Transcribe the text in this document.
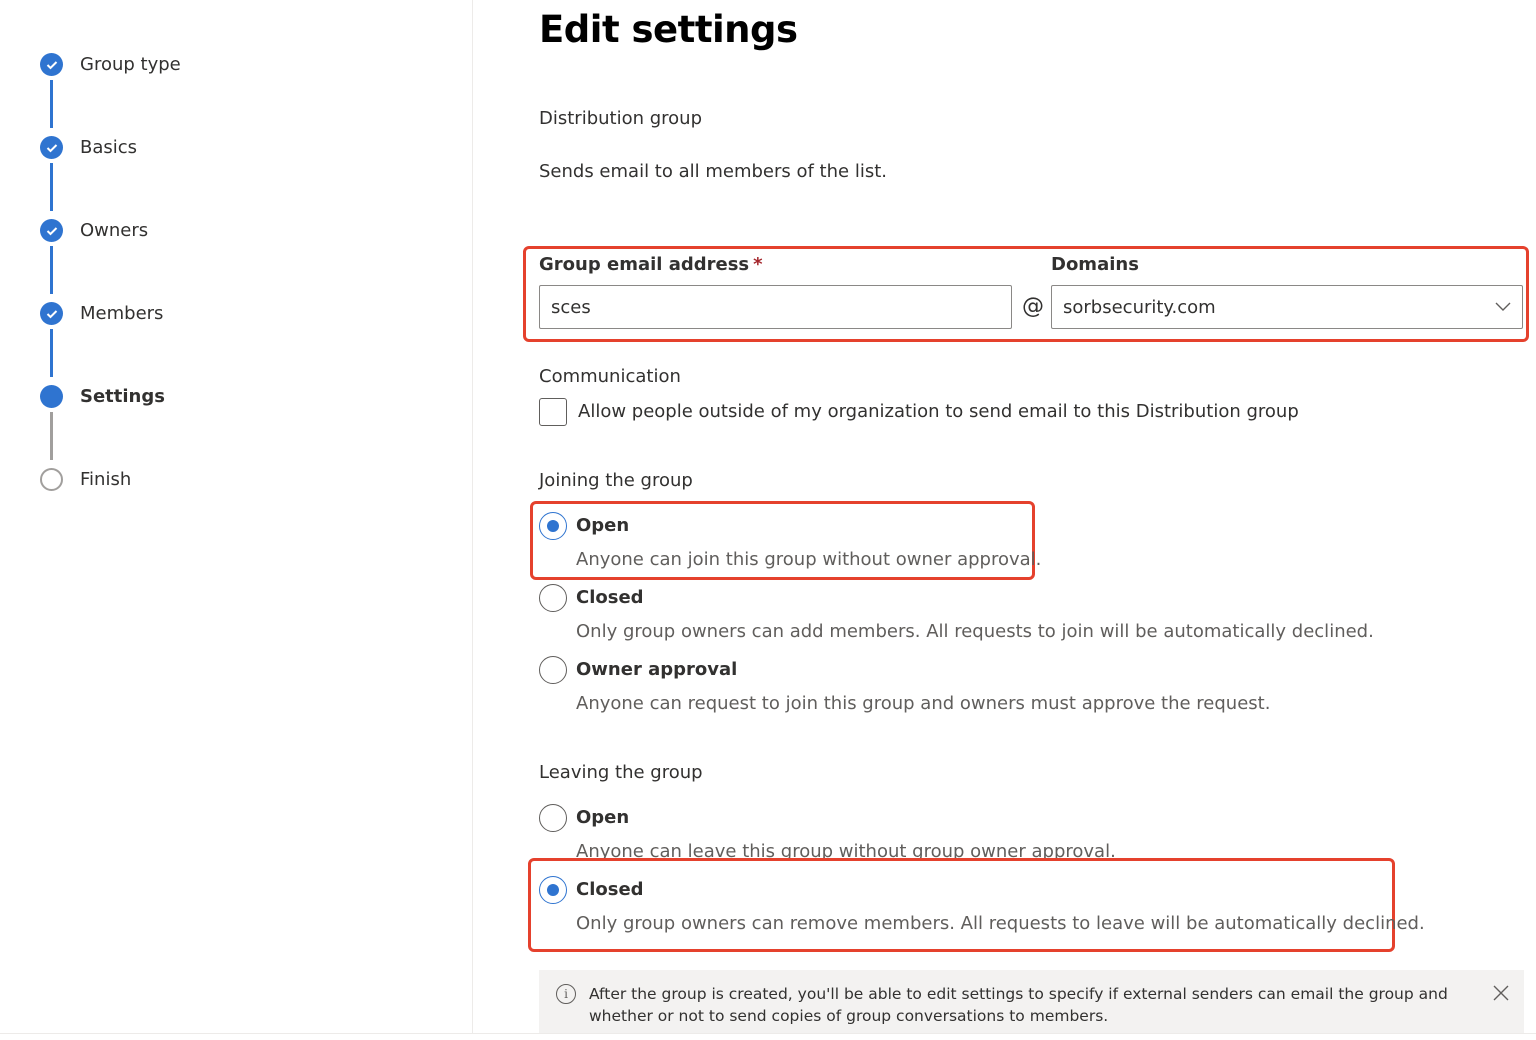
Group type
Basics
Owners
Members
Settings
Finish
Edit settings
Distribution group
Sends email to all members of the list.
Group email address *
sces	@
Domains
sorbsecurity.com
Communication
Allow people outside of my organization to send email to this Distribution group
Joining the group
Open
Anyone can join this group without owner approval.
Closed
Only group owners can add members. All requests to join will be automatically declined.
Owner approval
Anyone can request to join this group and owners must approve the request.
Leaving the group
Open
Anyone can leave this group without group owner approval.
Closed
Only group owners can remove members. All requests to leave will be automatically declined.
i	After the group is created, you'll be able to edit settings to specify if external senders can email the group and whether or not to send copies of group conversations to members.
